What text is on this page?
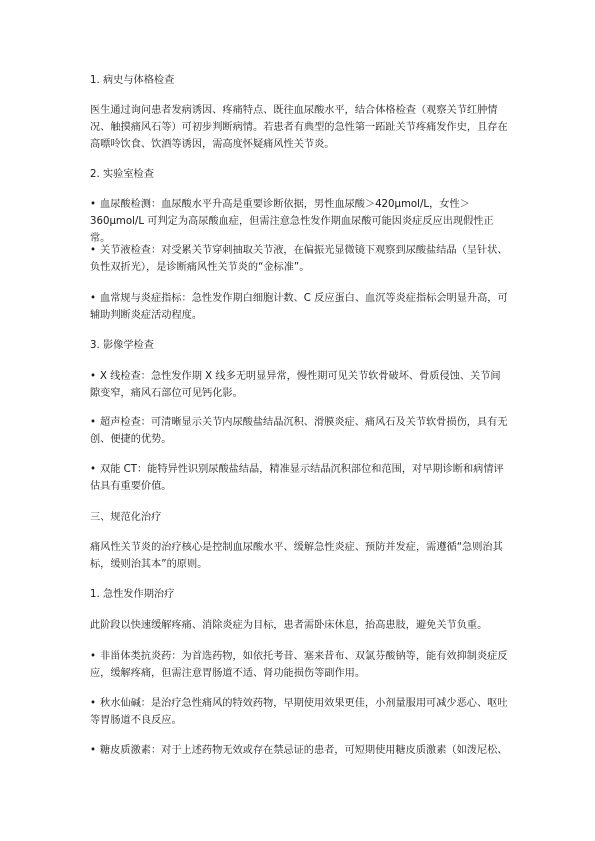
1. 病史与体格检查

医生通过询问患者发病诱因、疼痛特点、既往血尿酸水平，结合体格检查（观察关节红肿情况、触摸痛风石等）可初步判断病情。若患者有典型的急性第一跖趾关节疼痛发作史，且存在高嘌呤饮食、饮酒等诱因，需高度怀疑痛风性关节炎。

2. 实验室检查

• 血尿酸检测：血尿酸水平升高是重要诊断依据，男性血尿酸＞420μmol/L，女性＞360μmol/L 可判定为高尿酸血症，但需注意急性发作期血尿酸可能因炎症反应出现假性正常。

• 关节液检查：对受累关节穿刺抽取关节液，在偏振光显微镜下观察到尿酸盐结晶（呈针状、负性双折光），是诊断痛风性关节炎的“金标准”。

• 血常规与炎症指标：急性发作期白细胞计数、C 反应蛋白、血沉等炎症指标会明显升高，可辅助判断炎症活动程度。

3. 影像学检查

• X 线检查：急性发作期 X 线多无明显异常，慢性期可见关节软骨破坏、骨质侵蚀、关节间隙变窄，痛风石部位可见钙化影。

• 超声检查：可清晰显示关节内尿酸盐结晶沉积、滑膜炎症、痛风石及关节软骨损伤，具有无创、便捷的优势。

• 双能 CT：能特异性识别尿酸盐结晶，精准显示结晶沉积部位和范围，对早期诊断和病情评估具有重要价值。

三、规范化治疗

痛风性关节炎的治疗核心是控制血尿酸水平、缓解急性炎症、预防并发症，需遵循“急则治其标，缓则治其本”的原则。

1. 急性发作期治疗

此阶段以快速缓解疼痛、消除炎症为目标，患者需卧床休息，抬高患肢，避免关节负重。

• 非甾体类抗炎药：为首选药物，如依托考昔、塞来昔布、双氯芬酸钠等，能有效抑制炎症反应，缓解疼痛，但需注意胃肠道不适、肾功能损伤等副作用。

• 秋水仙碱：是治疗急性痛风的特效药物，早期使用效果更佳，小剂量服用可减少恶心、呕吐等胃肠道不良反应。

• 糖皮质激素：对于上述药物无效或存在禁忌证的患者，可短期使用糖皮质激素（如泼尼松、
